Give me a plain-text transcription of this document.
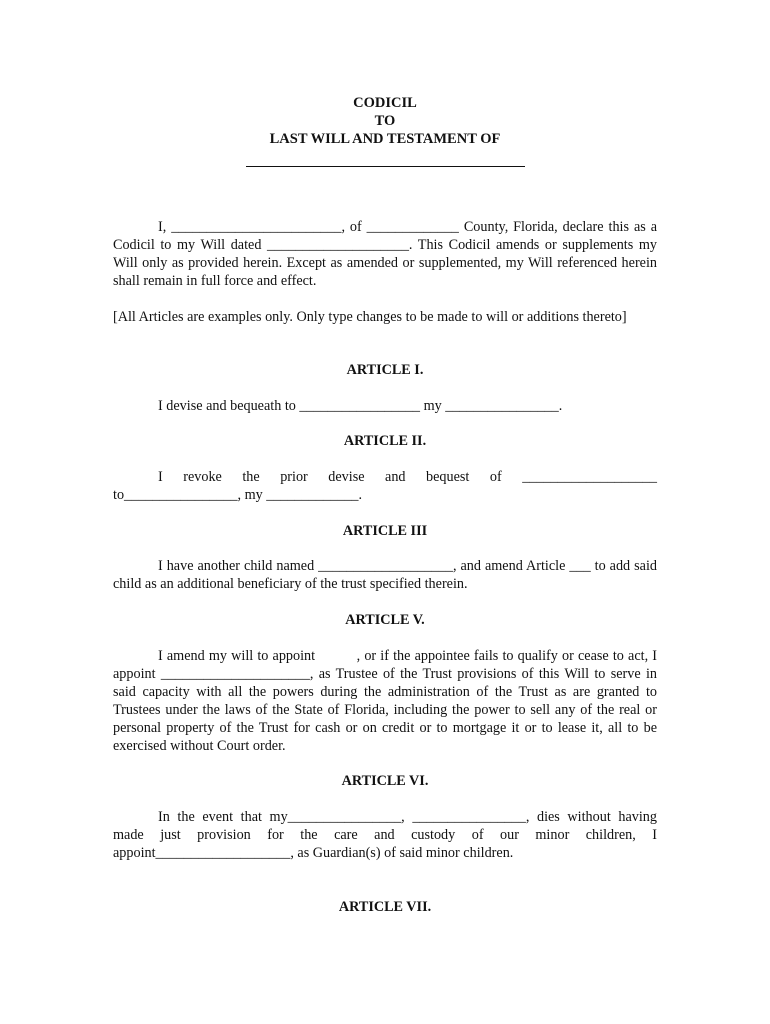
CODICIL
TO
LAST WILL AND TESTAMENT OF

I, ________________________, of _____________ County, Florida, declare this as a Codicil to my Will dated ____________________. This Codicil amends or supplements my Will only as provided herein. Except as amended or supplemented, my Will referenced herein shall remain in full force and effect.

[All Articles are examples only. Only type changes to be made to will or additions thereto]

ARTICLE I.

I devise and bequeath to _________________ my ________________.

ARTICLE II.
I revoke the prior devise and bequest of ___________________

to________________, my _____________.

ARTICLE III

I have another child named ___________________, and amend Article ___ to add said child as an additional beneficiary of the trust specified therein.

ARTICLE V.

I amend my will to appoint          , or if the appointee fails to qualify or cease to act, I appoint _____________________, as Trustee of the Trust provisions of this Will to serve in said capacity with all the powers during the administration of the Trust as are granted to Trustees under the laws of the State of Florida, including the power to sell any of the real or personal property of the Trust for cash or on credit or to mortgage it or to lease it, all to be exercised without Court order.

ARTICLE VI.

In the event that my________________, ________________, dies without having made just provision for the care and custody of our minor children, I appoint___________________, as Guardian(s) of said minor children.

ARTICLE VII.
